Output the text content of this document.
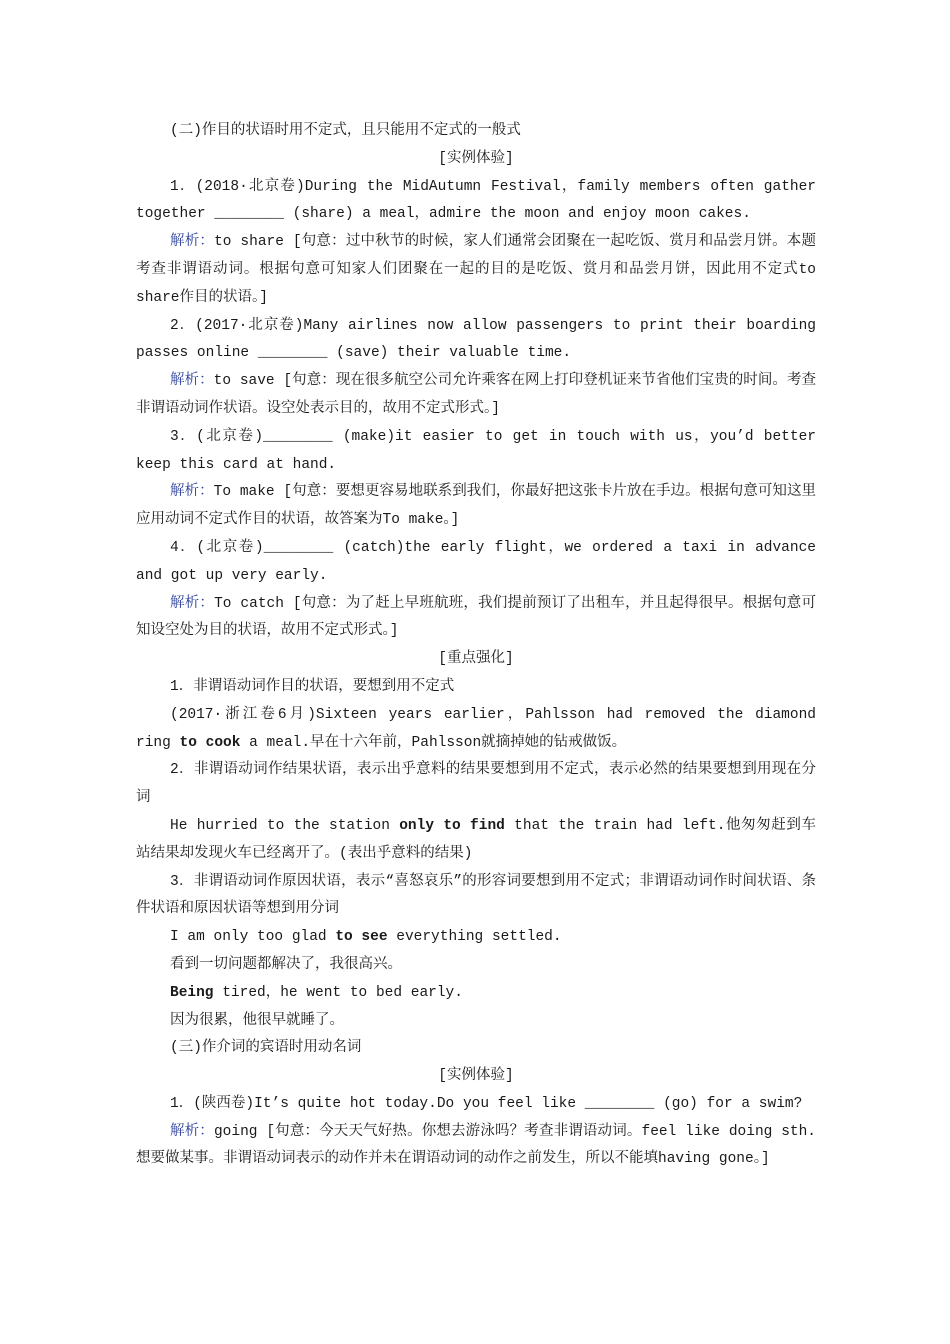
(二)作目的状语时用不定式，且只能用不定式的一般式

[实例体验]

1．(2018·北京卷)During the MidAutumn Festival，family members often gather together ________ (share) a meal，admire the moon and enjoy moon cakes.

解析：to share [句意：过中秋节的时候，家人们通常会团聚在一起吃饭、赏月和品尝月饼。本题考查非谓语动词。根据句意可知家人们团聚在一起的目的是吃饭、赏月和品尝月饼，因此用不定式to share作目的状语。]

2．(2017·北京卷)Many airlines now allow passengers to print their boarding passes online ________ (save) their valuable time.

解析：to save [句意：现在很多航空公司允许乘客在网上打印登机证来节省他们宝贵的时间。考查非谓语动词作状语。设空处表示目的，故用不定式形式。]

3．(北京卷)________ (make)it easier to get in touch with us，you’d better keep this card at hand.

解析：To make [句意：要想更容易地联系到我们，你最好把这张卡片放在手边。根据句意可知这里应用动词不定式作目的状语，故答案为To make。]

4．(北京卷)________ (catch)the early flight，we ordered a taxi in advance and got up very early.

解析：To catch [句意：为了赶上早班航班，我们提前预订了出租车，并且起得很早。根据句意可知设空处为目的状语，故用不定式形式。]

[重点强化]

1．非谓语动词作目的状语，要想到用不定式

(2017·浙江卷6月)Sixteen years earlier，Pahlsson had removed the diamond ring to cook a meal.早在十六年前，Pahlsson就摘掉她的钻戒做饭。

2．非谓语动词作结果状语，表示出乎意料的结果要想到用不定式，表示必然的结果要想到用现在分词

He hurried to the station only to find that the train had left.他匆匆赶到车站结果却发现火车已经离开了。(表出乎意料的结果)

3．非谓语动词作原因状语，表示“喜怒哀乐”的形容词要想到用不定式；非谓语动词作时间状语、条件状语和原因状语等想到用分词

I am only too glad to see everything settled.

看到一切问题都解决了，我很高兴。

Being tired，he went to bed early.

因为很累，他很早就睡了。

(三)作介词的宾语时用动名词

[实例体验]

1．(陕西卷)It’s quite hot today.Do you feel like ________ (go) for a swim?

解析：going [句意：今天天气好热。你想去游泳吗？考查非谓语动词。feel like doing sth.想要做某事。非谓语动词表示的动作并未在谓语动词的动作之前发生，所以不能填having gone。]
